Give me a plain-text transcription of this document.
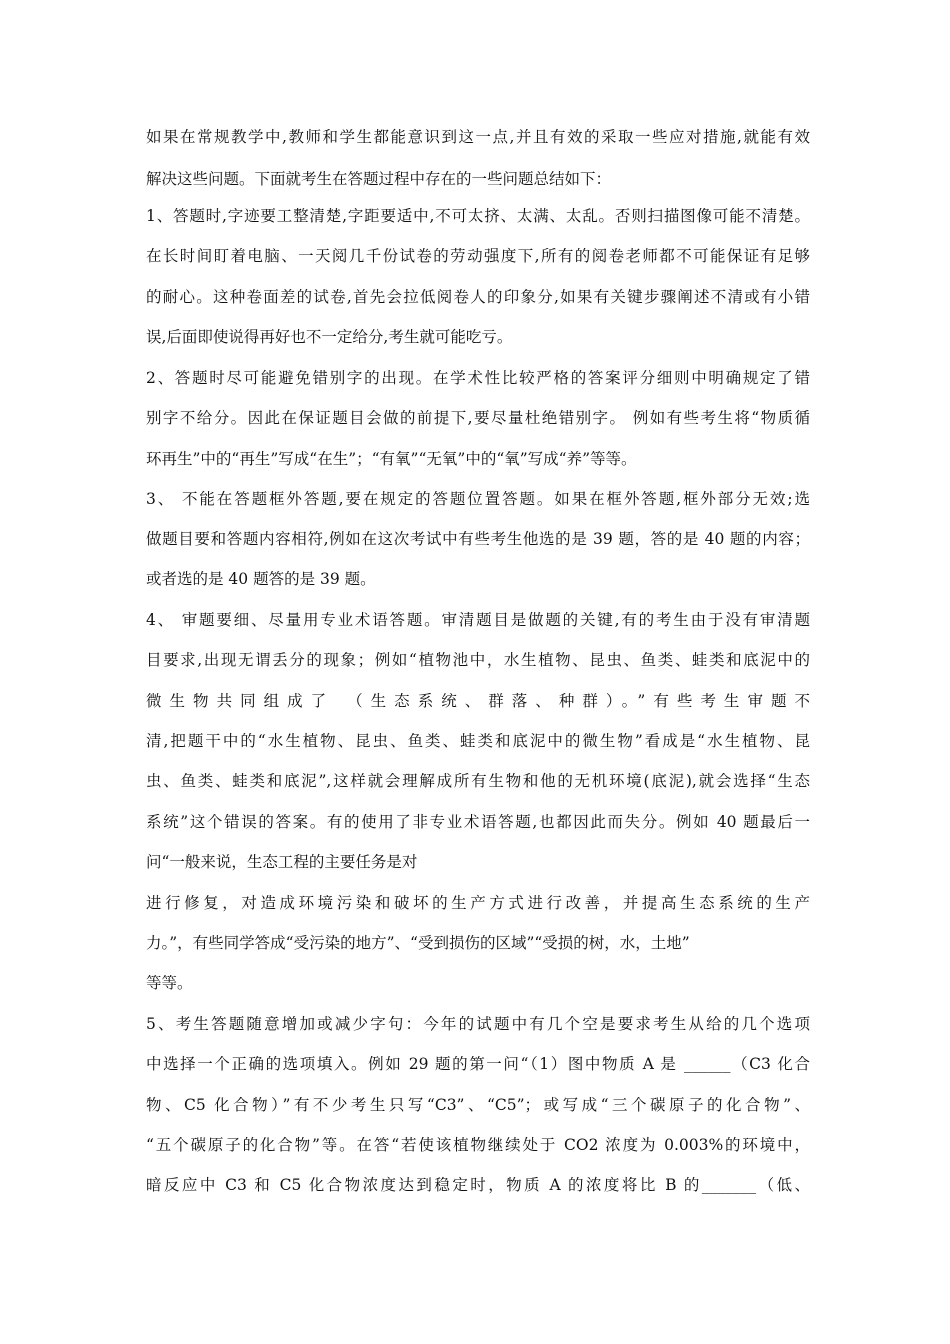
如果在常规教学中,教师和学生都能意识到这一点,并且有效的采取一些应对措施,就能有效
解决这些问题。下面就考生在答题过程中存在的一些问题总结如下：
1、答题时,字迹要工整清楚,字距要适中,不可太挤、太满、太乱。否则扫描图像可能不清楚。
在长时间盯着电脑、一天阅几千份试卷的劳动强度下,所有的阅卷老师都不可能保证有足够
的耐心。这种卷面差的试卷,首先会拉低阅卷人的印象分,如果有关键步骤阐述不清或有小错
误,后面即使说得再好也不一定给分,考生就可能吃亏。
2、答题时尽可能避免错别字的出现。在学术性比较严格的答案评分细则中明确规定了错
别字不给分。因此在保证题目会做的前提下,要尽量杜绝错别字。 例如有些考生将“物质循
环再生”中的“再生”写成“在生”；“有氧”“无氧”中的“氧”写成“养”等等。
3、 不能在答题框外答题,要在规定的答题位置答题。如果在框外答题,框外部分无效;选
做题目要和答题内容相符,例如在这次考试中有些考生他选的是 39 题，答的是 40 题的内容；
或者选的是 40 题答的是 39 题。
4、 审题要细、尽量用专业术语答题。审清题目是做题的关键,有的考生由于没有审清题
目要求,出现无谓丢分的现象；例如“植物池中，水生植物、昆虫、鱼类、蛙类和底泥中的
微生物共同组成了 （生态系统、群落、种群）。”有些考生审题不
清,把题干中的“水生植物、昆虫、鱼类、蛙类和底泥中的微生物”看成是“水生植物、昆
虫、鱼类、蛙类和底泥”,这样就会理解成所有生物和他的无机环境(底泥),就会选择“生态
系统”这个错误的答案。有的使用了非专业术语答题,也都因此而失分。例如 40 题最后一
问“一般来说，生态工程的主要任务是对
进行修复，对造成环境污染和破坏的生产方式进行改善，并提高生态系统的生产
力。”，有些同学答成“受污染的地方”、“受到损伤的区域”“受损的树，水，土地”
等等。
5、考生答题随意增加或减少字句：今年的试题中有几个空是要求考生从给的几个选项
中选择一个正确的选项填入。例如 29 题的第一问“（1）图中物质 A 是 ______（C3 化合
物、C5 化合物）”有不少考生只写“C3”、“C5”；或写成“三个碳原子的化合物”、
“五个碳原子的化合物”等。在答“若使该植物继续处于 CO2 浓度为 0.003%的环境中，
暗反应中 C3 和 C5 化合物浓度达到稳定时，物质 A 的浓度将比 B 的_______（低、
